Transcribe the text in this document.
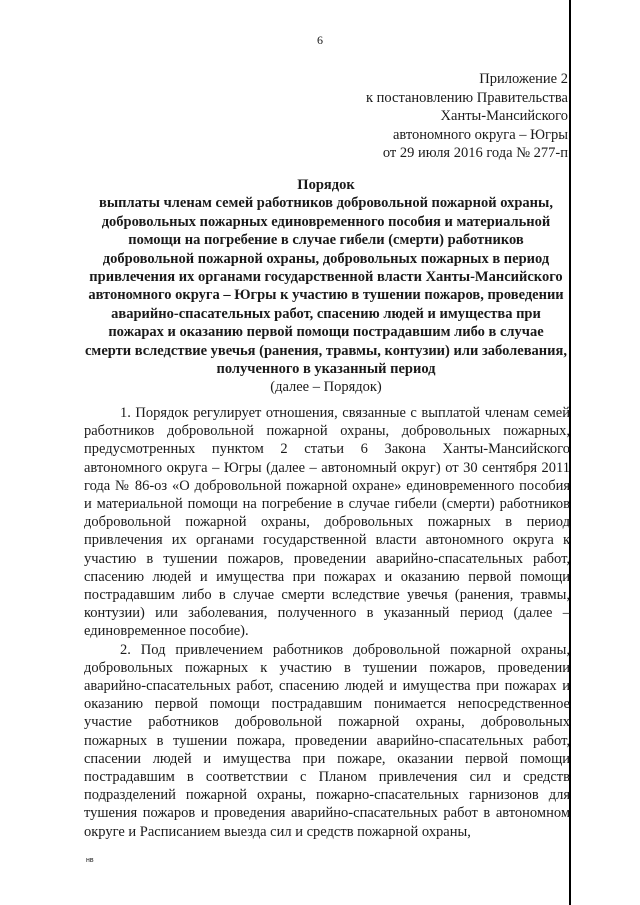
6
Приложение 2
к постановлению Правительства
Ханты-Мансийского
автономного округа – Югры
от 29 июля 2016 года № 277-п
Порядок
выплаты членам семей работников добровольной пожарной охраны, добровольных пожарных единовременного пособия и материальной помощи на погребение в случае гибели (смерти) работников добровольной пожарной охраны, добровольных пожарных в период привлечения их органами государственной власти Ханты-Мансийского автономного округа – Югры к участию в тушении пожаров, проведении аварийно-спасательных работ, спасению людей и имущества при пожарах и оказанию первой помощи пострадавшим либо в случае смерти вследствие увечья (ранения, травмы, контузии) или заболевания, полученного в указанный период
(далее – Порядок)

1. Порядок регулирует отношения, связанные с выплатой членам семей работников добровольной пожарной охраны, добровольных пожарных, предусмотренных пунктом 2 статьи 6 Закона Ханты-Мансийского автономного округа – Югры (далее – автономный округ) от 30 сентября 2011 года № 86-оз «О добровольной пожарной охране» единовременного пособия и материальной помощи на погребение в случае гибели (смерти) работников добровольной пожарной охраны, добровольных пожарных в период привлечения их органами государственной власти автономного округа к участию в тушении пожаров, проведении аварийно-спасательных работ, спасению людей и имущества при пожарах и оказанию первой помощи пострадавшим либо в случае смерти вследствие увечья (ранения, травмы, контузии) или заболевания, полученного в указанный период (далее – единовременное пособие).

2. Под привлечением работников добровольной пожарной охраны, добровольных пожарных к участию в тушении пожаров, проведении аварийно-спасательных работ, спасению людей и имущества при пожарах и оказанию первой помощи пострадавшим понимается непосредственное участие работников добровольной пожарной охраны, добровольных пожарных в тушении пожара, проведении аварийно-спасательных работ, спасении людей и имущества при пожаре, оказании первой помощи пострадавшим в соответствии с Планом привлечения сил и средств подразделений пожарной охраны, пожарно-спасательных гарнизонов для тушения пожаров и проведения аварийно-спасательных работ в автономном округе и Расписанием выезда сил и средств пожарной охраны,

нв
